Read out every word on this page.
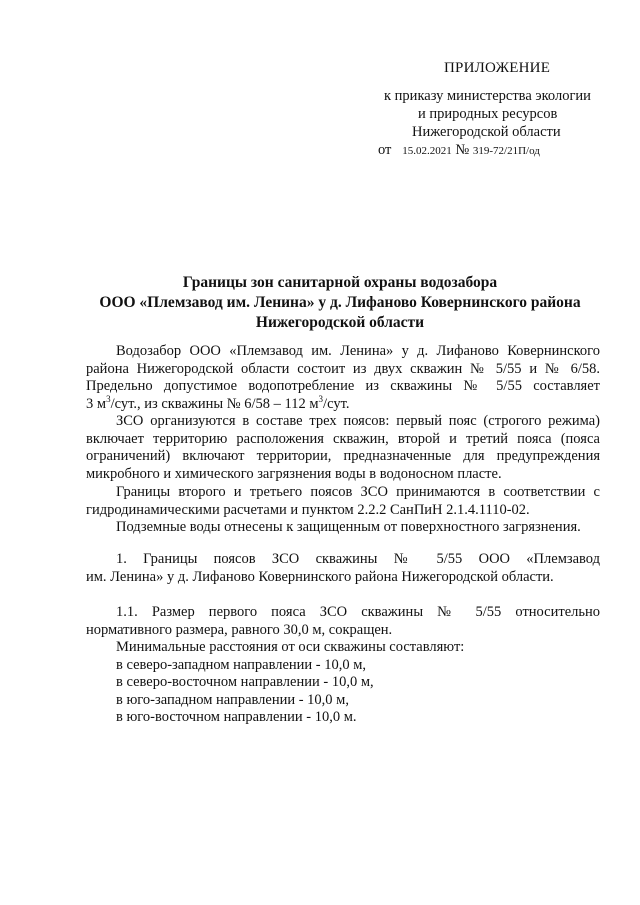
ПРИЛОЖЕНИЕ
к приказу министерства экологии
и природных ресурсов
Нижегородской области
от 15.02.2021 № 319-72/21П/од
Границы зон санитарной охраны водозабора
ООО «Племзавод им. Ленина» у д. Лифаново Ковернинского района
Нижегородской области
Водозабор ООО «Племзавод им. Ленина» у д. Лифаново Ковернинского
района Нижегородской области состоит из двух скважин № 5/55 и № 6/58.
Предельно допустимое водопотребление из скважины № 5/55 составляет
3 $м^3$/сут., из скважины № 6/58 – 112 $м^3$/сут.
ЗСО организуются в составе трех поясов: первый пояс (строгого режима)
включает территорию расположения скважин, второй и третий пояса (пояса
ограничений) включают территории, предназначенные для предупреждения
микробного и химического загрязнения воды в водоносном пласте.
Границы второго и третьего поясов ЗСО принимаются в соответствии с
гидродинамическими расчетами и пунктом 2.2.2 СанПиН 2.1.4.1110-02.
Подземные воды отнесены к защищенным от поверхностного загрязнения.
1. Границы поясов ЗСО скважины № 5/55 ООО «Племзавод
им. Ленина» у д. Лифаново Ковернинского района Нижегородской области.
1.1. Размер первого пояса ЗСО скважины № 5/55 относительно
нормативного размера, равного 30,0 м, сокращен.
Минимальные расстояния от оси скважины составляют:
в северо-западном направлении - 10,0 м,
в северо-восточном направлении - 10,0 м,
в юго-западном направлении - 10,0 м,
в юго-восточном направлении - 10,0 м.
